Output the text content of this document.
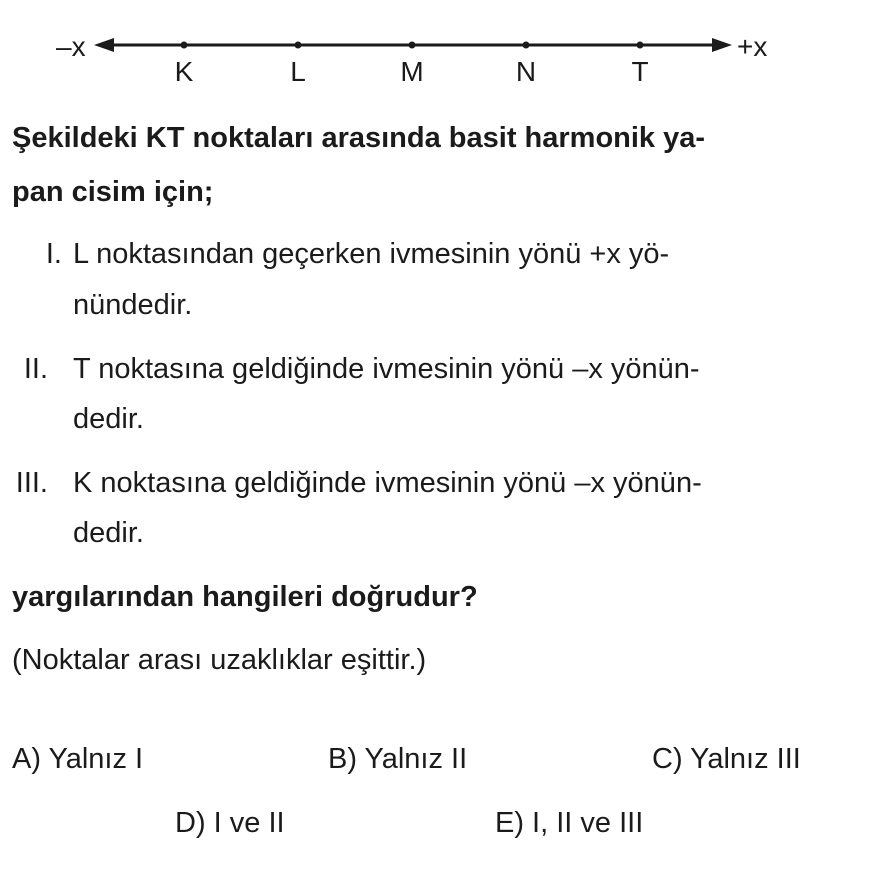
–x	+x
K	L	M	N	T
Şekildeki KT noktaları arasında basit harmonik ya-
pan cisim için;
I. L noktasından geçerken ivmesinin yönü +x yö-
nündedir.
II. T noktasına geldiğinde ivmesinin yönü –x yönün-
dedir.
III. K noktasına geldiğinde ivmesinin yönü –x yönün-
dedir.
yargılarından hangileri doğrudur?
(Noktalar arası uzaklıklar eşittir.)
A) Yalnız I	B) Yalnız II	C) Yalnız III
D) I ve II	E) I, II ve III
